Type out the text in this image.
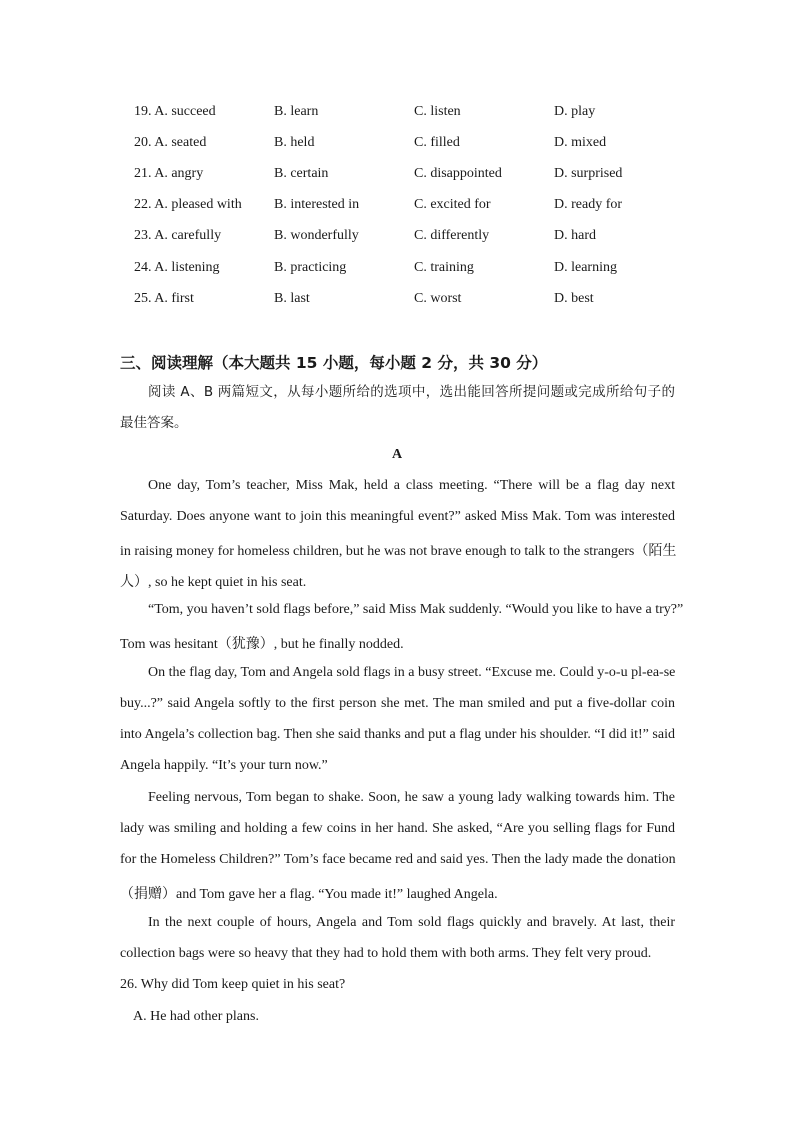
19. A. succeed	B. learn	C. listen	D. play
20. A. seated	B. held	C. filled	D. mixed
21. A. angry	B. certain	C. disappointed	D. surprised
22. A. pleased with B. interested in	C. excited for	D. ready for
23. A. carefully	B. wonderfully	C. differently	D. hard
24. A. listening	B. practicing	C. training	D. learning
25. A. first	B. last	C. worst	D. best
三、阅读理解（本大题共 15 小题，每小题 2 分，共 30 分）
阅读 A、B 两篇短文，从每小题所给的选项中，选出能回答所提问题或完成所给句子的
最佳答案。
A
One day, Tom’s teacher, Miss Mak, held a class meeting. “There will be a flag day next
Saturday. Does anyone want to join this meaningful event?” asked Miss Mak. Tom was interested
in raising money for homeless children, but he was not brave enough to talk to the strangers（陌生
人）, so he kept quiet in his seat.
“Tom, you haven’t sold flags before,” said Miss Mak suddenly. “Would you like to have a try?”
Tom was hesitant（犹豫）, but he finally nodded.
On the flag day, Tom and Angela sold flags in a busy street. “Excuse me. Could y-o-u pl-ea-se
buy...?” said Angela softly to the first person she met. The man smiled and put a five-dollar coin
into Angela’s collection bag. Then she said thanks and put a flag under his shoulder. “I did it!” said
Angela happily. “It’s your turn now.”
Feeling nervous, Tom began to shake. Soon, he saw a young lady walking towards him. The
lady was smiling and holding a few coins in her hand. She asked, “Are you selling flags for Fund
for the Homeless Children?” Tom’s face became red and said yes. Then the lady made the donation
（捐赠）and Tom gave her a flag. “You made it!” laughed Angela.
In the next couple of hours, Angela and Tom sold flags quickly and bravely. At last, their
collection bags were so heavy that they had to hold them with both arms. They felt very proud.
26. Why did Tom keep quiet in his seat?
A. He had other plans.
